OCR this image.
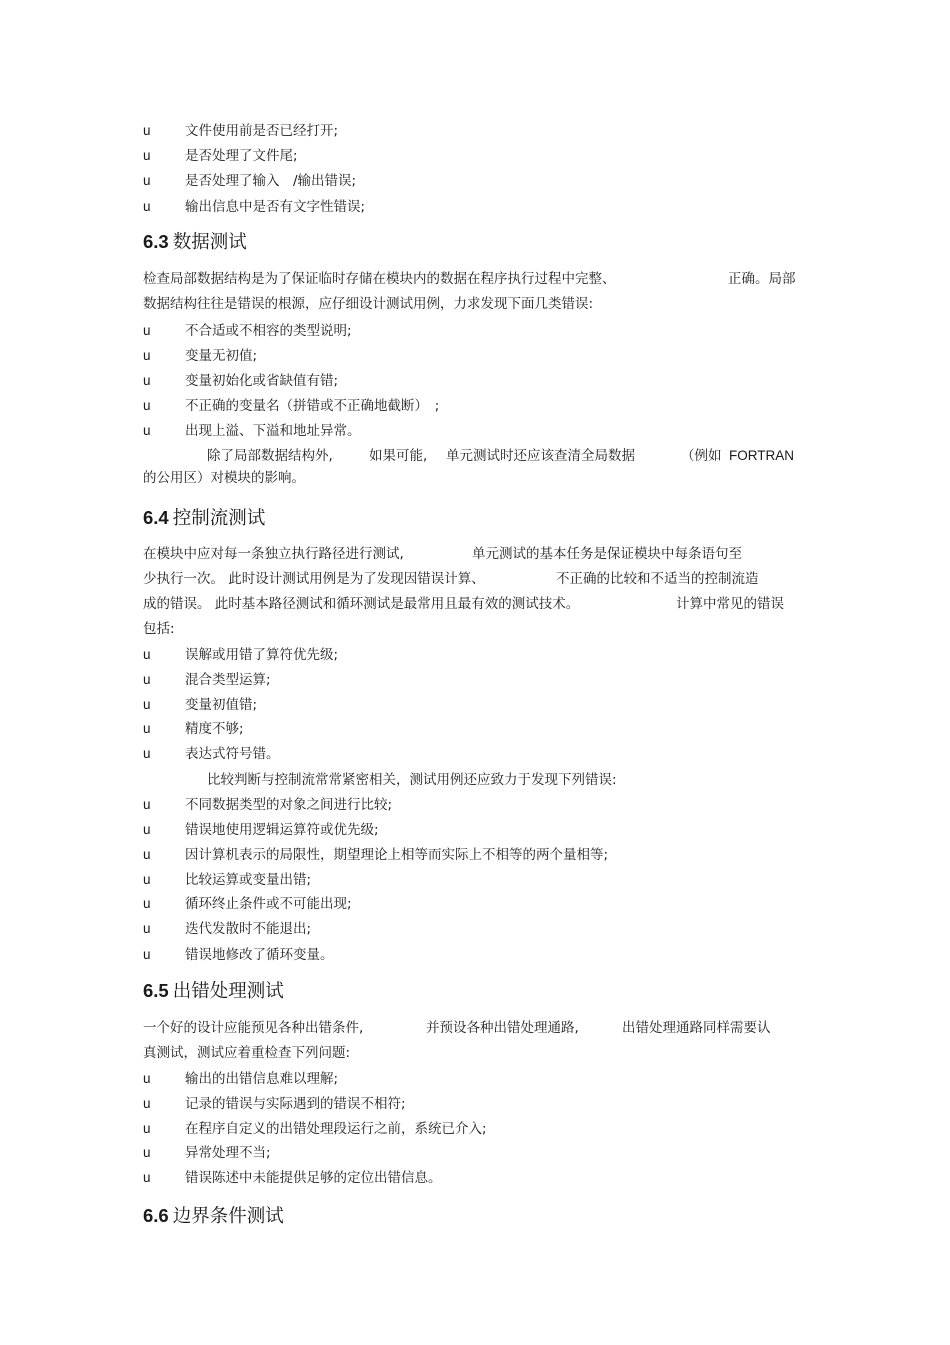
u	文件使用前是否已经打开;
u	是否处理了文件尾;
u	是否处理了输入　/输出错误;
u	输出信息中是否有文字性错误;
6.3 数据测试

检查局部数据结构是为了保证临时存储在模块内的数据在程序执行过程中完整、

	正确。局部

数据结构往往是错误的根源，应仔细设计测试用例，力求发现下面几类错误:
u	不合适或不相容的类型说明;
u	变量无初值;
u	变量初始化或省缺值有错;
u	不正确的变量名（拼错或不正确地截断）　;
u	出现上溢、下溢和地址异常。

除了局部数据结构外,

	如果可能,

单元测试时还应该查清全局数据

	（例如

FORTRAN

的公用区）对模块的影响。
6.4 控制流测试

在模块中应对每一条独立执行路径进行测试,

	单元测试的基本任务是保证模块中每条语句至

少执行一次。 此时设计测试用例是为了发现因错误计算、

	不正确的比较和不适当的控制流造

成的错误。 此时基本路径测试和循环测试是最常用且最有效的测试技术。

	计算中常见的错误

包括:
u	误解或用错了算符优先级;
u	混合类型运算;
u	变量初值错;
u	精度不够;
u	表达式符号错。
比较判断与控制流常常紧密相关，测试用例还应致力于发现下列错误:
u	不同数据类型的对象之间进行比较;
u	错误地使用逻辑运算符或优先级;
u	因计算机表示的局限性，期望理论上相等而实际上不相等的两个量相等;
u	比较运算或变量出错;
u	循环终止条件或不可能出现;
u	迭代发散时不能退出;
u	错误地修改了循环变量。
6.5 出错处理测试

一个好的设计应能预见各种出错条件,

	并预设各种出错处理通路,

	出错处理通路同样需要认

真测试，测试应着重检查下列问题:
u	输出的出错信息难以理解;
u	记录的错误与实际遇到的错误不相符;
u	在程序自定义的出错处理段运行之前，系统已介入;
u	异常处理不当;
u	错误陈述中未能提供足够的定位出错信息。
6.6 边界条件测试
